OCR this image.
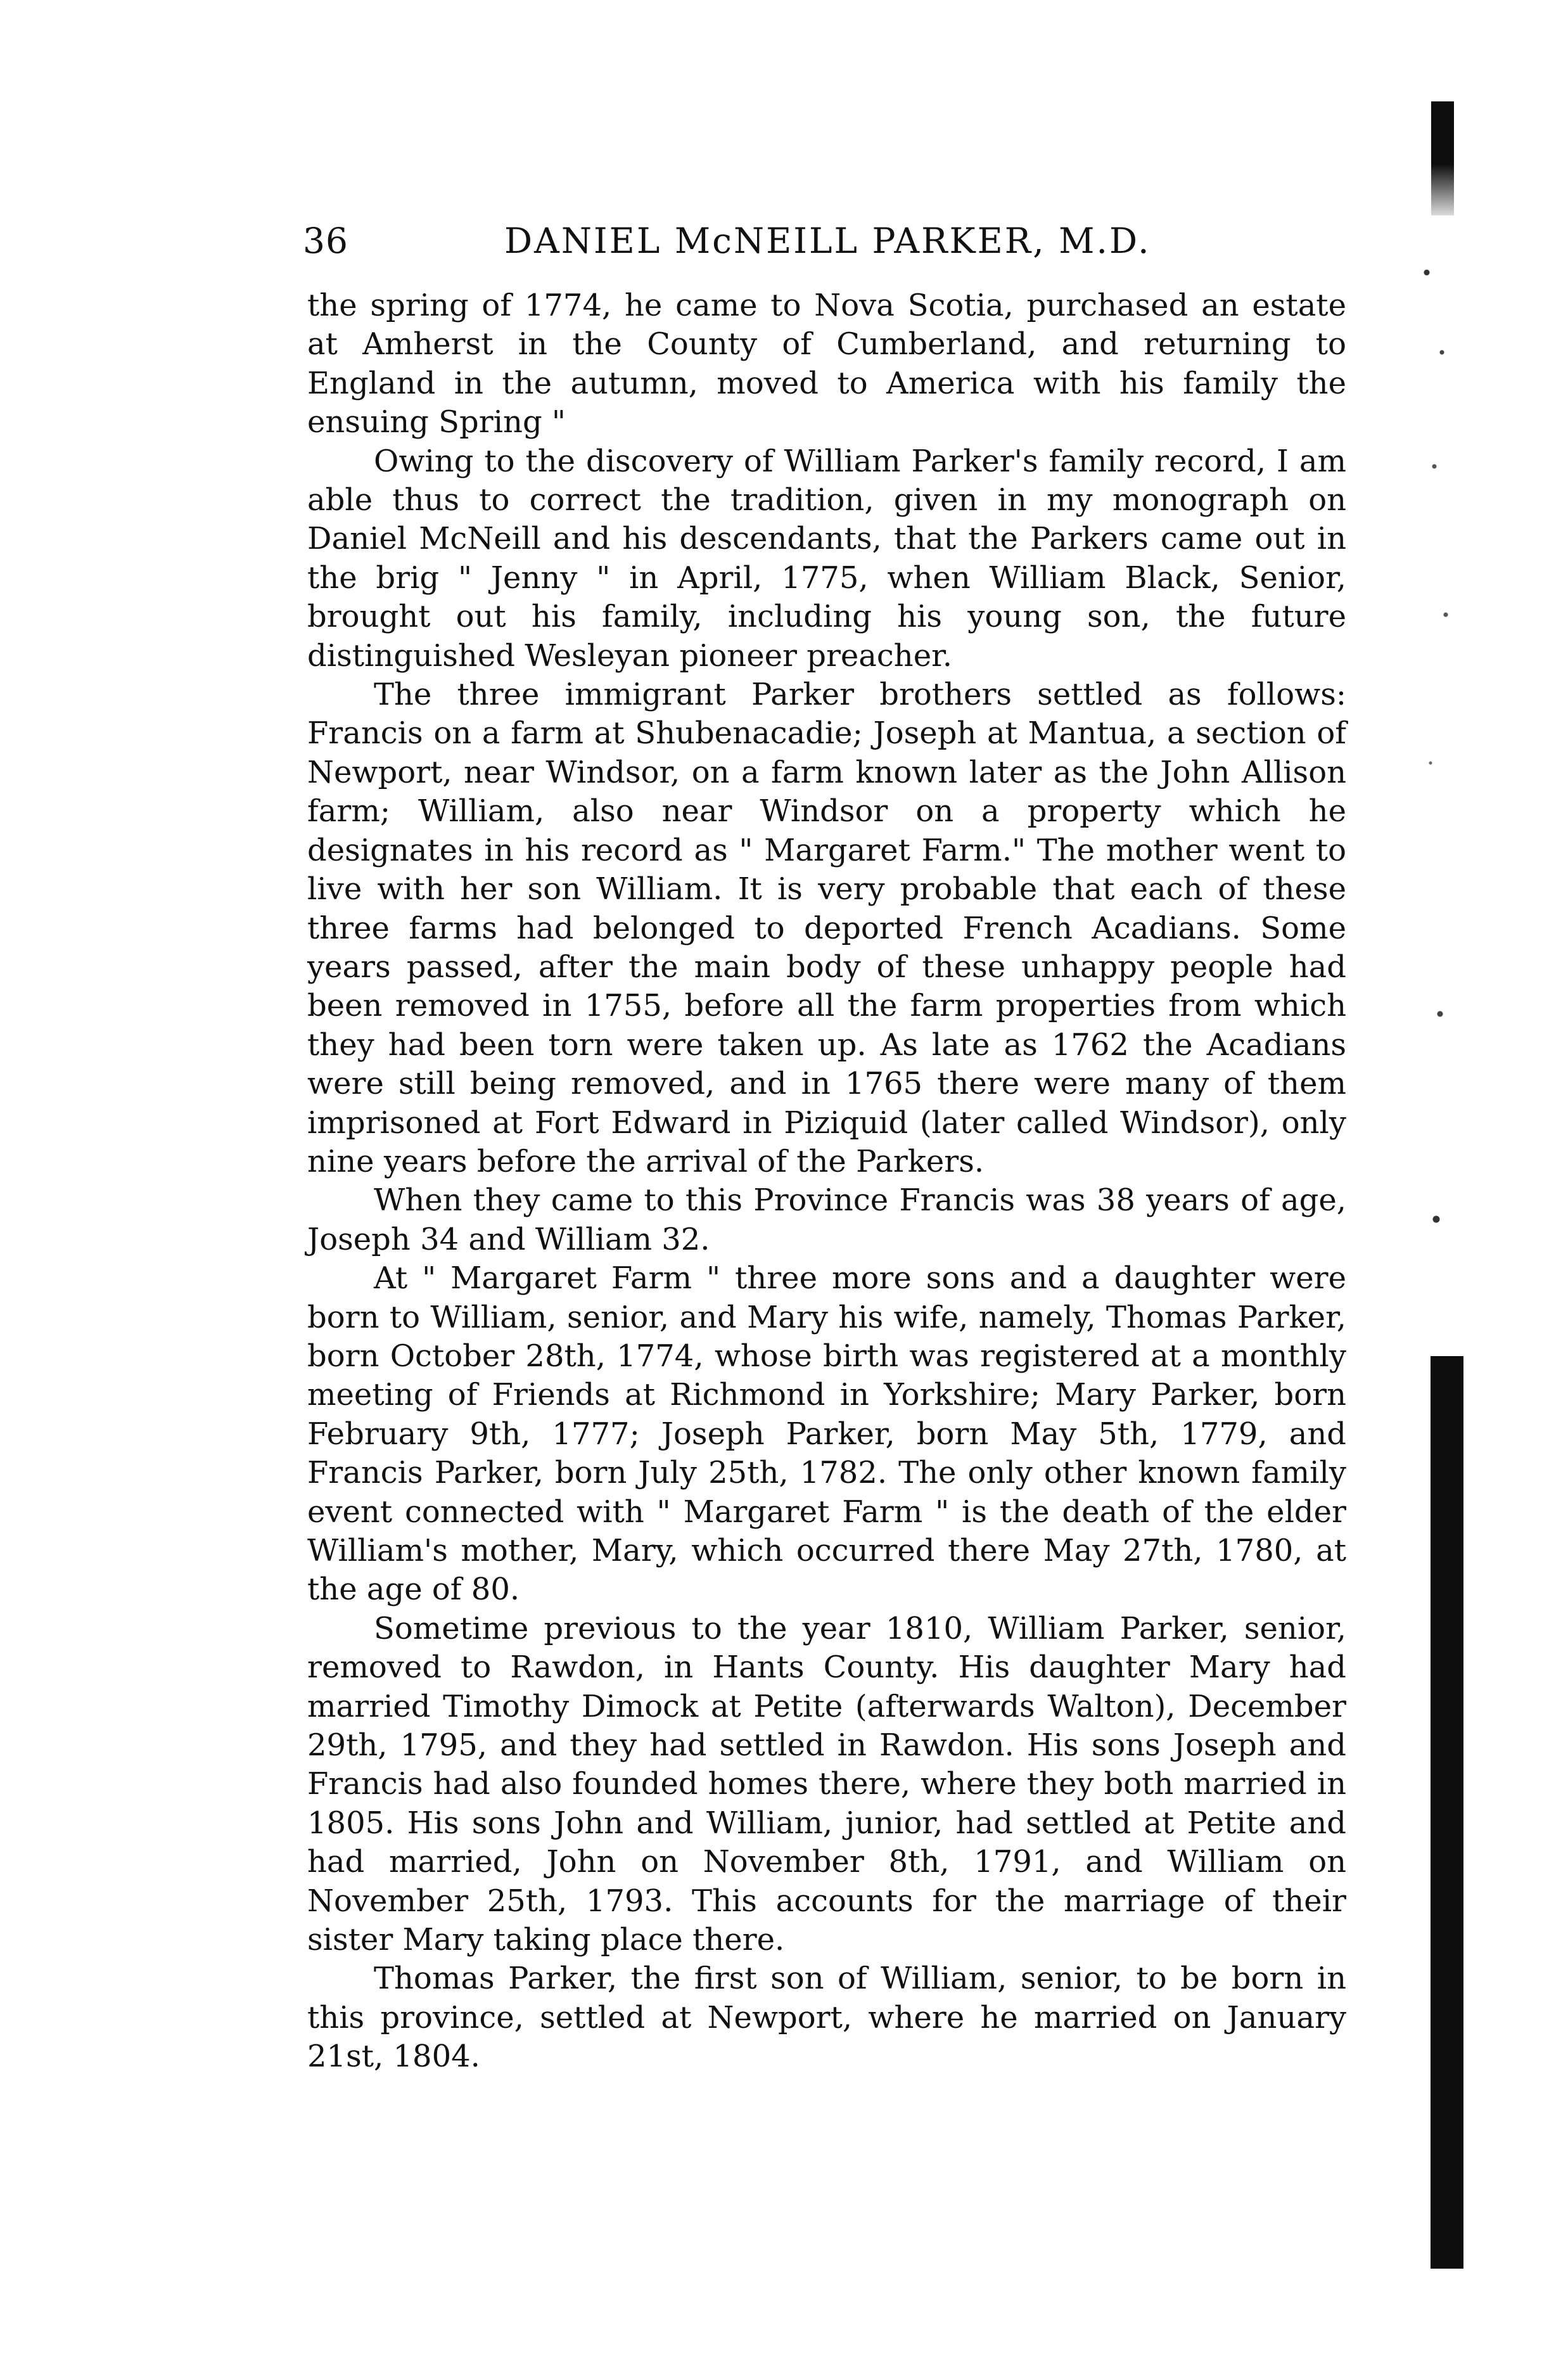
36	DANIEL McNEILL PARKER, M.D.

the spring of 1774, he came to Nova Scotia, purchased an estate at Amherst in the County of Cumberland, and returning to England in the autumn, moved to America with his family the ensuing Spring "

Owing to the discovery of William Parker's family record, I am able thus to correct the tradition, given in my monograph on Daniel McNeill and his descendants, that the Parkers came out in the brig " Jenny " in April, 1775, when William Black, Senior, brought out his family, including his young son, the future distinguished Wesleyan pioneer preacher.

The three immigrant Parker brothers settled as follows: Francis on a farm at Shubenacadie; Joseph at Mantua, a section of Newport, near Windsor, on a farm known later as the John Allison farm; William, also near Windsor on a property which he designates in his record as " Margaret Farm." The mother went to live with her son William. It is very probable that each of these three farms had belonged to deported French Acadians. Some years passed, after the main body of these unhappy people had been removed in 1755, before all the farm properties from which they had been torn were taken up. As late as 1762 the Acadians were still being removed, and in 1765 there were many of them imprisoned at Fort Edward in Piziquid (later called Windsor), only nine years before the arrival of the Parkers.

When they came to this Province Francis was 38 years of age, Joseph 34 and William 32.

At " Margaret Farm " three more sons and a daughter were born to William, senior, and Mary his wife, namely, Thomas Parker, born October 28th, 1774, whose birth was registered at a monthly meeting of Friends at Richmond in Yorkshire; Mary Parker, born February 9th, 1777; Joseph Parker, born May 5th, 1779, and Francis Parker, born July 25th, 1782. The only other known family event connected with " Margaret Farm " is the death of the elder William's mother, Mary, which occurred there May 27th, 1780, at the age of 80.

Sometime previous to the year 1810, William Parker, senior, removed to Rawdon, in Hants County. His daughter Mary had married Timothy Dimock at Petite (afterwards Walton), December 29th, 1795, and they had settled in Rawdon. His sons Joseph and Francis had also founded homes there, where they both married in 1805. His sons John and William, junior, had settled at Petite and had married, John on November 8th, 1791, and William on November 25th, 1793. This accounts for the marriage of their sister Mary taking place there.

Thomas Parker, the first son of William, senior, to be born in this province, settled at Newport, where he married on January 21st, 1804.
